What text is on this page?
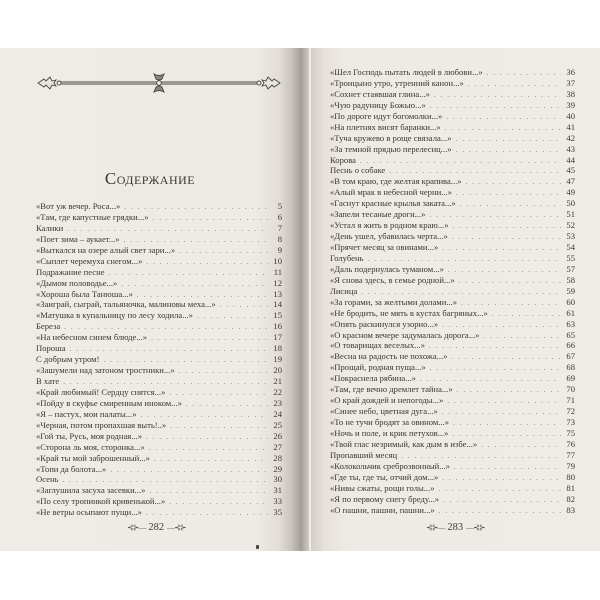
Содержание
«Вот уж вечер. Роса...» . . .	5
«Там, где капустные грядки...» . . .	6
Калики . . .	7
«Поет зима – аукает...» . . .	8
«Выткался на озере алый свет зари...» . . .	9
«Сыплет черемуха снегом...» . . .	10
Подражание песне . . .	11
«Дымом половодье...» . . .	12
«Хороша была Танюша...» . . .	13
«Заиграй, сыграй, тальяночка, малиновы меха...» . . .	14
«Матушка в купальницу по лесу ходила...» . . .	15
Береза . . .	16
«На небесном синем блюде...» . . .	17
Пороша . . .	18
С добрым утром! . . .	19
«Зашумели над затоном тростники...» . . .	20
В хате . . .	21
«Край любимый! Сердцу снятся...» . . .	22
«Пойду в скуфье смиренным иноком...» . . .	23
«Я – пастух, мои палаты...» . . .	24
«Черная, потом пропахшая выть!..» . . .	25
«Гой ты, Русь, моя родная...» . . .	26
«Сторона ль моя, сторонка...» . . .	27
«Край ты мой заброшенный...» . . .	28
«Топи да болота...» . . .	29
Осень . . .	30
«Заглушила засуха засевки...» . . .	31
«По селу тропинкой кривенькой...» . . .	33
«Не ветры осыпают пущи...» . . .	35
⊰⊱— 282 —⊰⊱
«Шел Господь пытать людей в любови...» . . .	36
«Троицыно утро, утренний канон...» . . .	37
«Сохнет стаявшая глина...» . . .	38
«Чую радуницу Божью...» . . .	39
«По дороге идут богомолки...» . . .	40
«На плетнях висят баранки...» . . .	41
«Туча кружево в роще связала...» . . .	42
«За темной прядью перелесиц...» . . .	43
Корова . . .	44
Песнь о собаке . . .	45
«В том краю, где желтая крапива...» . . .	47
«Алый мрак в небесной черни...» . . .	49
«Гаснут красные крылья заката...» . . .	50
«Запели тесаные дроги...» . . .	51
«Устал я жить в родном краю...» . . .	52
«День ушел, убавилась черта...» . . .	53
«Прячет месяц за овинами...» . . .	54
Голубень . . .	55
«Даль подернулась туманом...» . . .	57
«Я снова здесь, в семье родной...» . . .	58
Лисица . . .	59
«За горами, за желтыми долами...» . . .	60
«Не бродить, не мять в кустах багряных...» . . .	61
«Опять раскинулся узорно...» . . .	63
«О красном вечере задумалась дорога...» . . .	65
«О товарищах веселых...» . . .	66
«Весна на радость не похожа...» . . .	67
«Прощай, родная пуща...» . . .	68
«Покраснела рябина...» . . .	69
«Там, где вечно дремлет тайна...» . . .	70
«О край дождей и непогоды...» . . .	71
«Синее небо, цветная дуга...» . . .	72
«То не тучи бродят за овином...» . . .	73
«Ночь и поле, и крик петухов...» . . .	75
«Твой глас незримый, как дым в избе...» . . .	76
Пропавший месяц . . .	77
«Колокольчик среброзвонный...» . . .	79
«Где ты, где ты, отчий дом...» . . .	80
«Нивы сжаты, рощи голы...» . . .	81
«Я по первому снегу бреду...» . . .	82
«О пашни, пашни, пашни...» . . .	83
⊰⊱— 283 —⊰⊱
